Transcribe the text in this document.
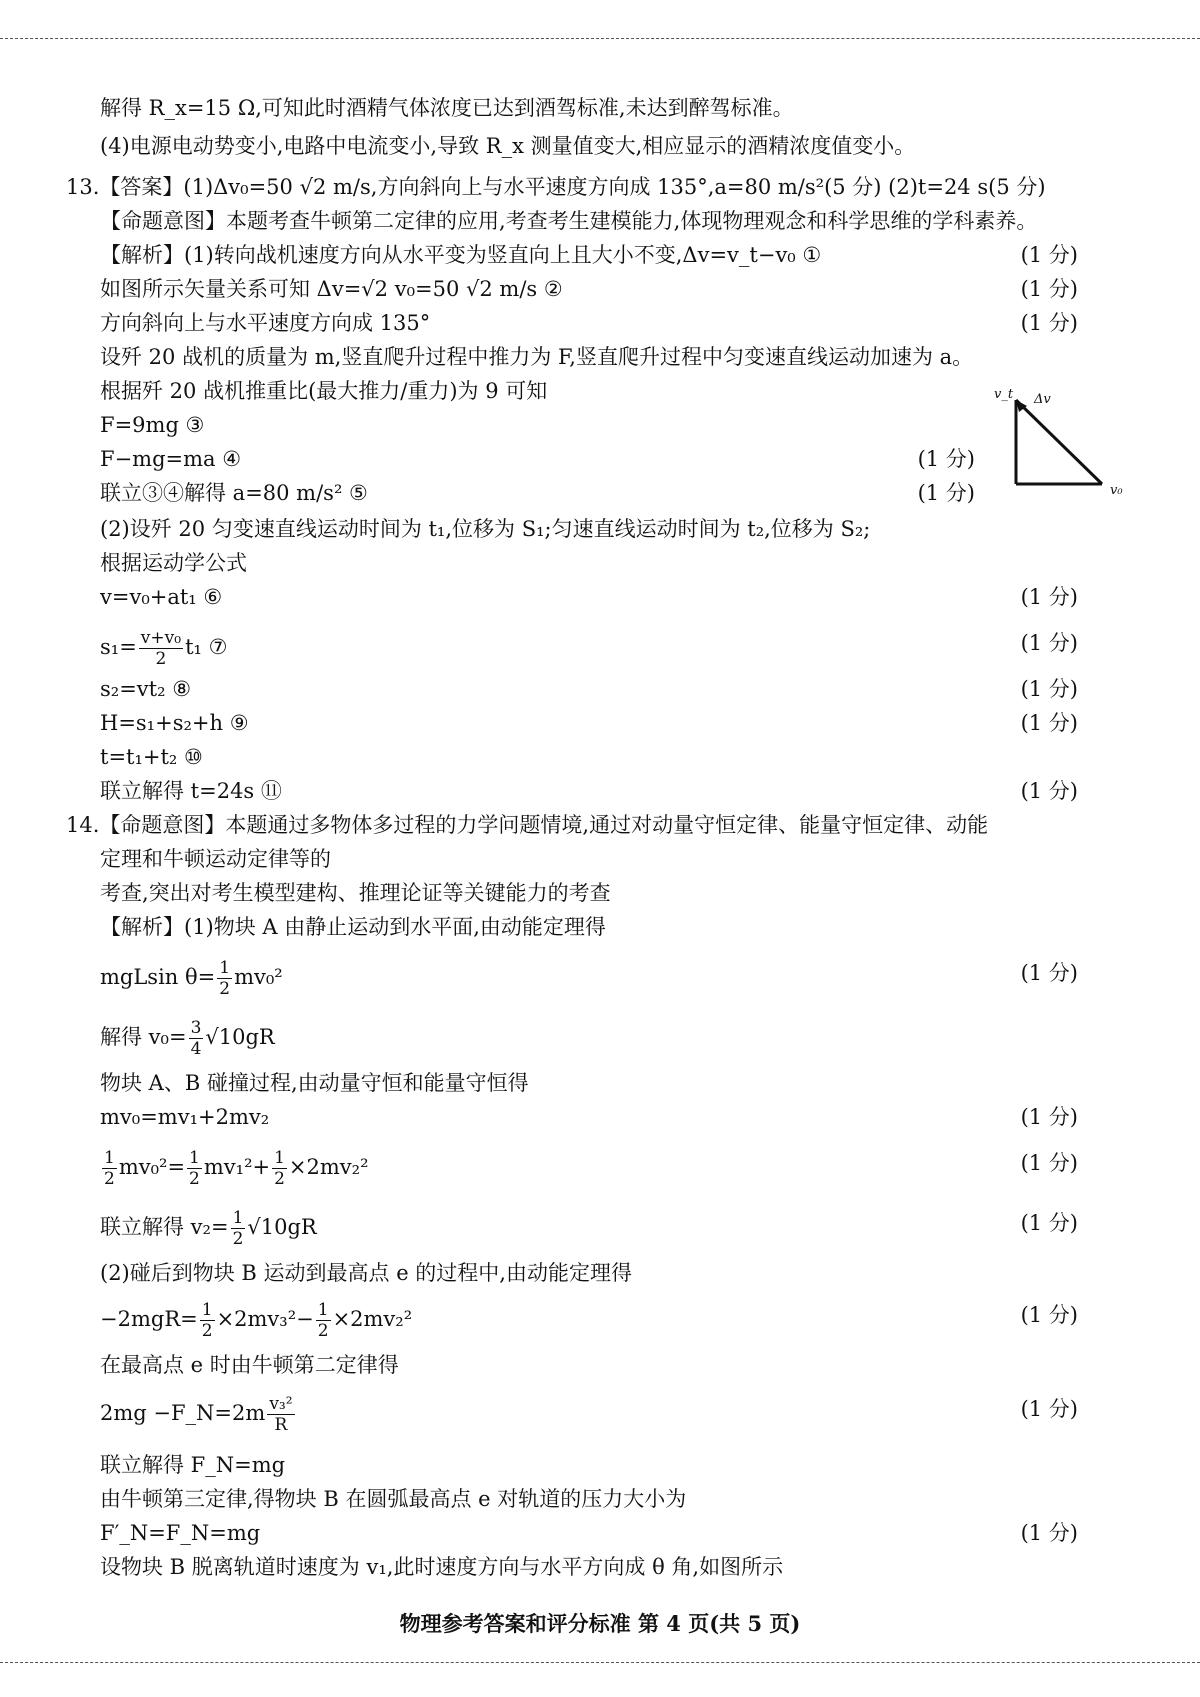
解得 R_x=15 Ω,可知此时酒精气体浓度已达到酒驾标准,未达到醉驾标准。
(4)电源电动势变小,电路中电流变小,导致 R_x 测量值变大,相应显示的酒精浓度值变小。
13.【答案】(1)Δv₀=50 √2 m/s,方向斜向上与水平速度方向成 135°,a=80 m/s²(5 分) (2)t=24 s(5 分)
【命题意图】本题考查牛顿第二定律的应用,考查考生建模能力,体现物理观念和科学思维的学科素养。
【解析】(1)转向战机速度方向从水平变为竖直向上且大小不变,Δv=v_t−v₀ ①	(1 分)
如图所示矢量关系可知 Δv=√2 v₀=50 √2 m/s ②	(1 分)
方向斜向上与水平速度方向成 135°	(1 分)
设歼 20 战机的质量为 m,竖直爬升过程中推力为 F,竖直爬升过程中匀变速直线运动加速为 a。
根据歼 20 战机推重比(最大推力/重力)为 9 可知	v_t Δv
v₀
F=9mg ③
F−mg=ma ④	(1 分)
联立③④解得 a=80 m/s² ⑤	(1 分)
(2)设歼 20 匀变速直线运动时间为 t₁,位移为 S₁;匀速直线运动时间为 t₂,位移为 S₂;
根据运动学公式
v=v₀+at₁ ⑥	(1 分)
$s_1= \frac{\text{v+v₀}}{2} t_1$ ⑦	(1 分)
s₂=vt₂ ⑧	(1 分)
H=s₁+s₂+h ⑨	(1 分)
t=t₁+t₂ ⑩
联立解得 t=24s ⑪	(1 分)
14.【命题意图】本题通过多物体多过程的力学问题情境,通过对动量守恒定律、能量守恒定律、动能
定理和牛顿运动定律等的
考查,突出对考生模型建构、推理论证等关键能力的考查
【解析】(1)物块 A 由静止运动到水平面,由动能定理得
mgLsin $\theta= \frac{1}{2} mv_0^2$	(1 分)
解得 $v_0= \frac{3}{4} √10gR$
物块 A、B 碰撞过程,由动量守恒和能量守恒得
mv₀=mv₁+2mv₂	(1 分)
$\frac{1}{2} mv_0^2= \frac{1}{2} mv_1^2+ \frac{1}{2} \times 2mv_2^2$	(1 分)
联立解得 $v_2= \frac{1}{2} √10gR$	(1 分)
(2)碰后到物块 B 运动到最高点 e 的过程中,由动能定理得
$-2mgR= \frac{1}{2} \times 2mv_3^2- \frac{1}{2} \times 2mv_2^2$	(1 分)
在最高点 e 时由牛顿第二定律得
2mg −F_N=2m $\frac{\text{v₃²}}{R}$	(1 分)
联立解得 F_N=mg
由牛顿第三定律,得物块 B 在圆弧最高点 e 对轨道的压力大小为
F′_N=F_N=mg	(1 分)
设物块 B 脱离轨道时速度为 v₁,此时速度方向与水平方向成 θ 角,如图所示
物理参考答案和评分标准 第 4 页(共 5 页)
